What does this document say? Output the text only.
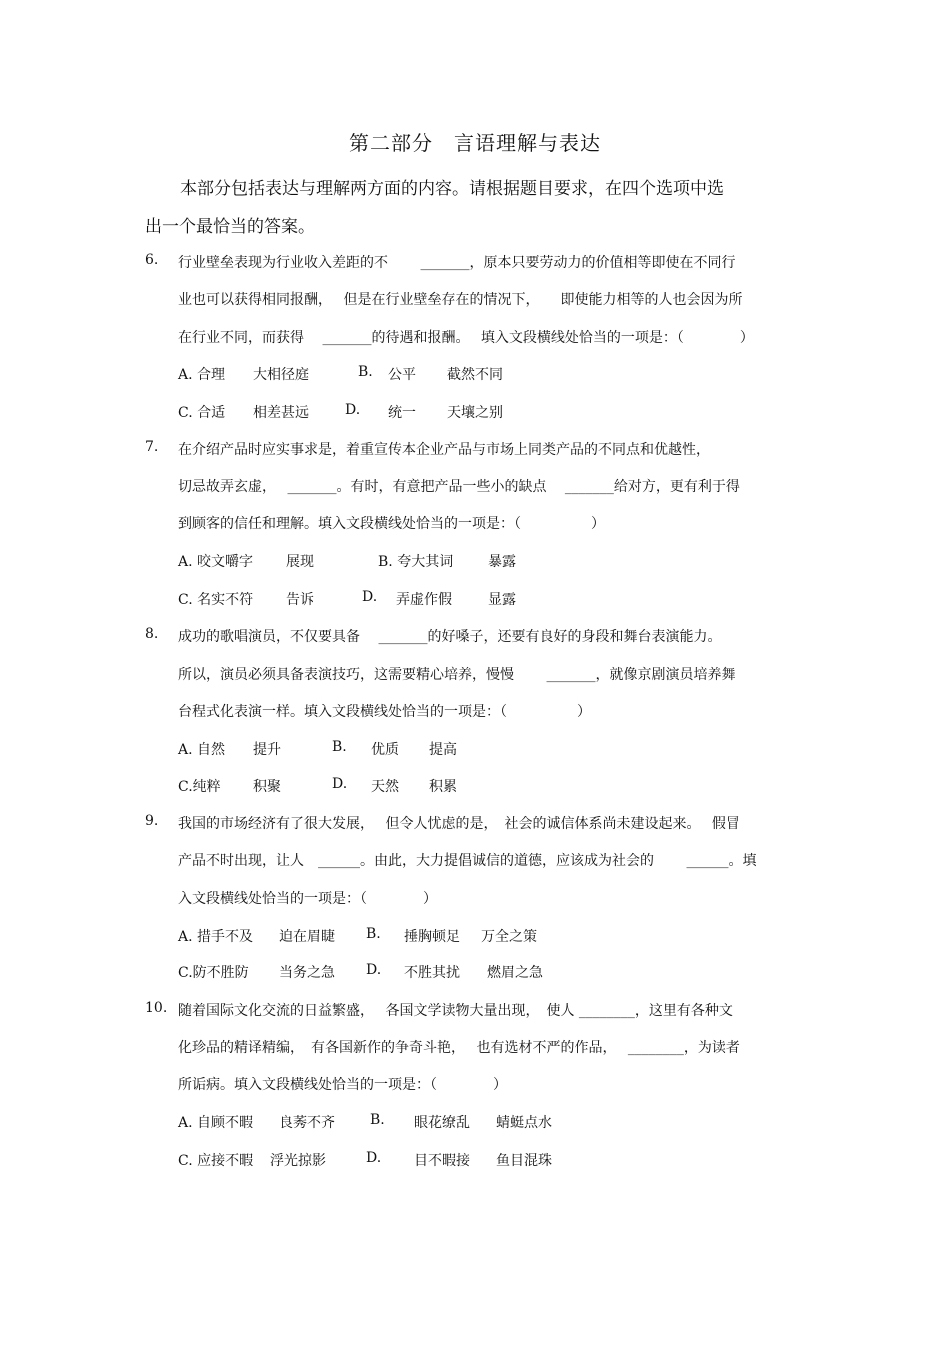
第二部分　言语理解与表达
本部分包括表达与理解两方面的内容。请根据题目要求，在四个选项中选
出一个最恰当的答案。
6. 行业壁垒表现为行业收入差距的不　　 _______，原本只要劳动力的价值相等即使在不同行
业也可以获得相同报酬，　 但是在行业壁垒存在的情况下，　　即使能力相等的人也会因为所
在行业不同，而获得　 _______的待遇和报酬。　 填入文段横线处恰当的一项是：（　　　　）
A. 合理 大相径庭	B. 公平 截然不同
C. 合适 相差甚远	D. 统一 天壤之别
7. 在介绍产品时应实事求是，着重宣传本企业产品与市场上同类产品的不同点和优越性，
切忌故弄玄虚，　 _______。有时，有意把产品一些小的缺点　 _______给对方，更有利于得
到顾客的信任和理解。填入文段横线处恰当的一项是：（　　　　　）
A. 咬文嚼字 展现	B. 夸大其词 暴露
C. 名实不符 告诉	D. 弄虚作假	显露
8. 成功的歌唱演员，不仅要具备　 _______的好嗓子，还要有良好的身段和舞台表演能力。
所以，演员必须具备表演技巧，这需要精心培养，慢慢　　 _______，就像京剧演员培养舞
台程式化表演一样。填入文段横线处恰当的一项是：（　　　　　）
A. 自然 提升	B. 优质 提高
C.纯粹 积聚	D. 天然 积累
9. 我国的市场经济有了很大发展，　 但令人忧虑的是，　社会的诚信体系尚未建设起来。　 假冒
产品不时出现，让人　______。由此，大力提倡诚信的道德，应该成为社会的　　 ______。填
入文段横线处恰当的一项是：（　　　　）
A. 措手不及 迫在眉睫 B. 捶胸顿足 万全之策
C.防不胜防 当务之急 D. 不胜其扰 燃眉之急
10. 随着国际文化交流的日益繁盛，　 各国文学读物大量出现，　使人 ________，这里有各种文
化珍品的精译精编，　有各国新作的争奇斗艳，　 也有选材不严的作品，　 ________，为读者
所诟病。填入文段横线处恰当的一项是：（　　　　）
A. 自顾不暇 良莠不齐	B. 眼花缭乱 蜻蜓点水
C. 应接不暇 浮光掠影	D. 目不暇接 鱼目混珠
